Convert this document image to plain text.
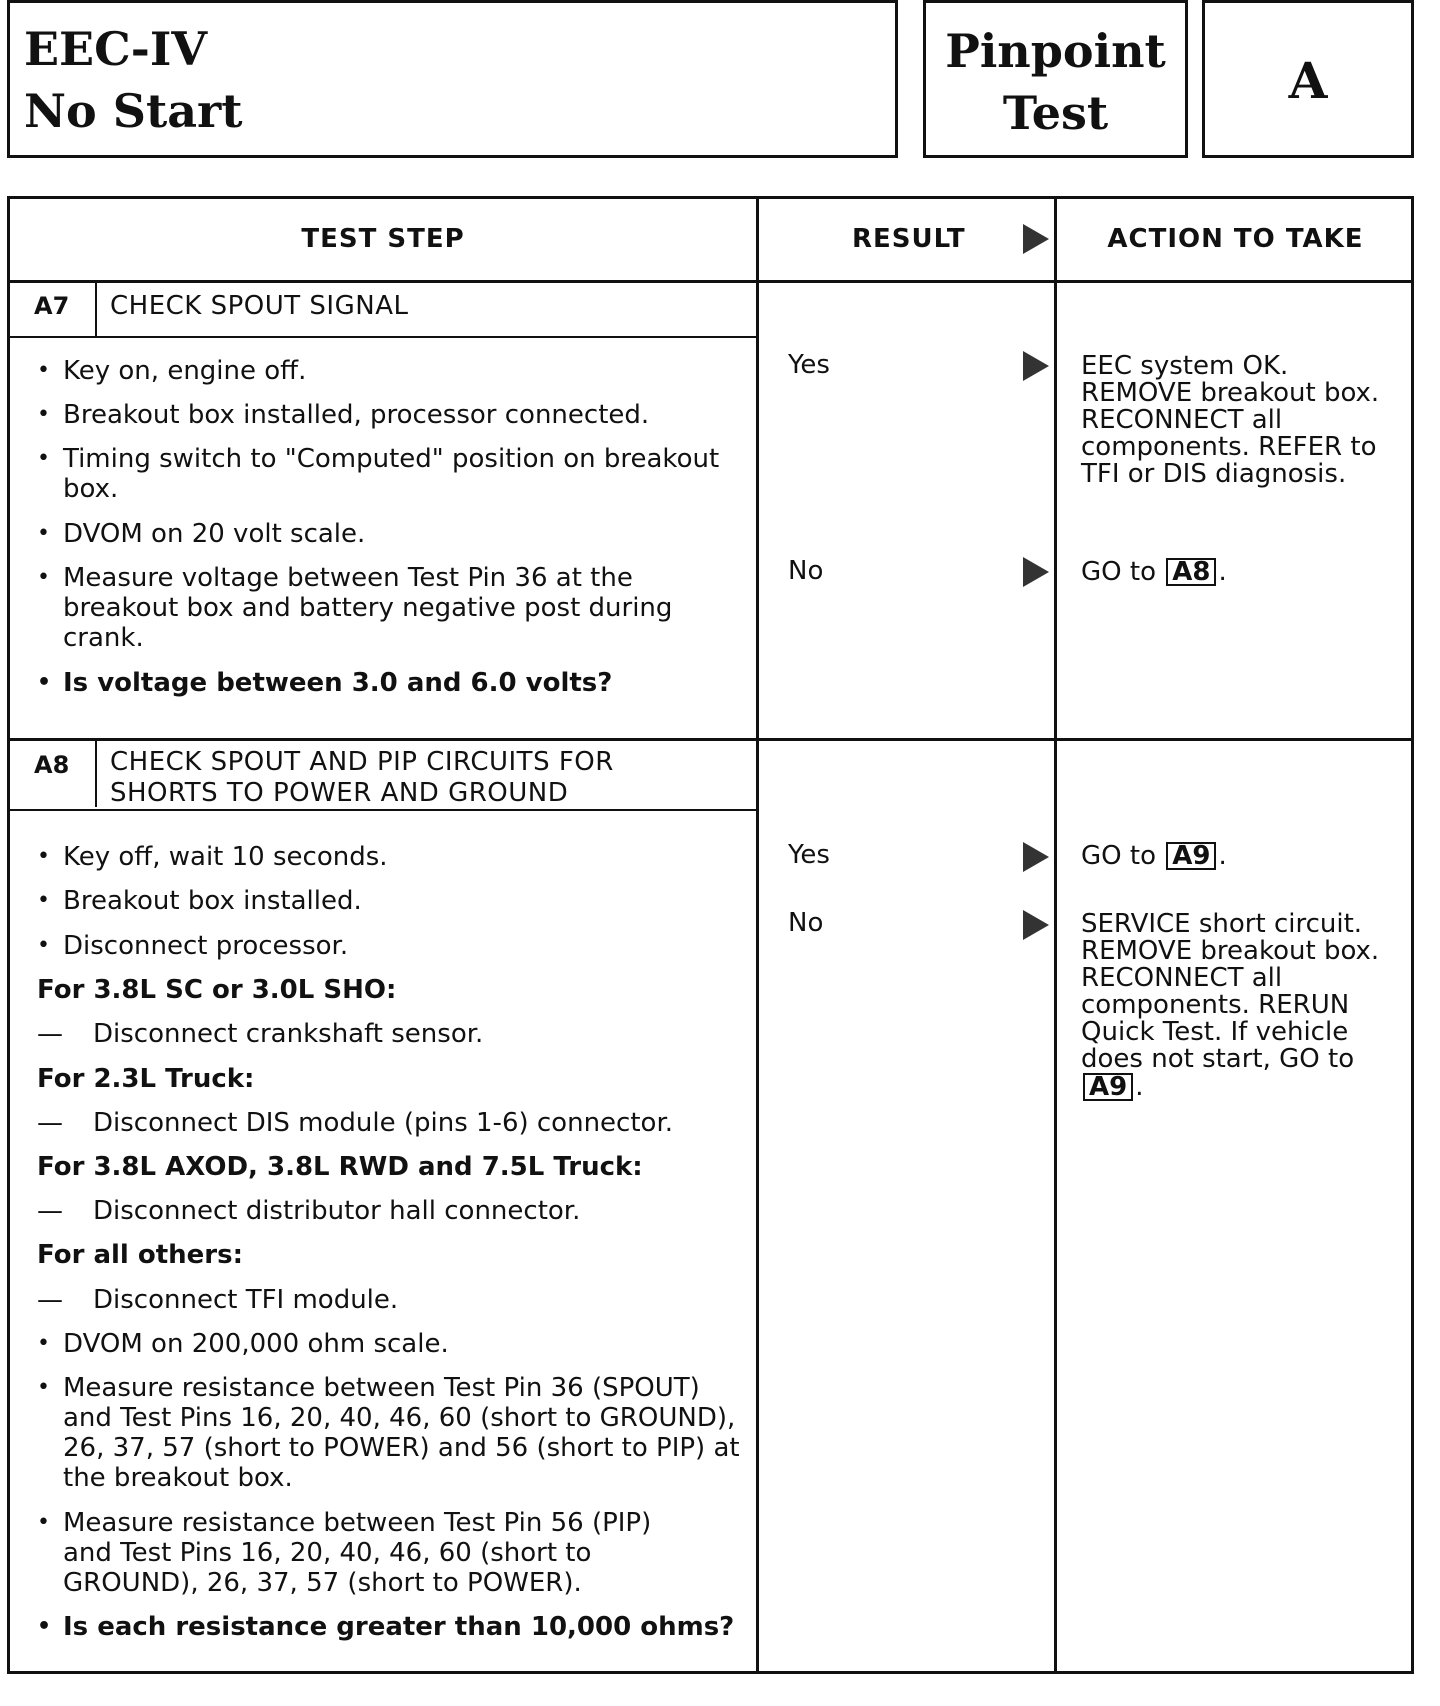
EEC-IV
No Start
Pinpoint
Test
A
TEST STEP	RESULT	ACTION TO TAKE
A7 CHECK SPOUT SIGNAL
• Key on, engine off.
• Breakout box installed, processor connected.
• Timing switch to "Computed" position on breakout box.
• DVOM on 20 volt scale.
• Measure voltage between Test Pin 36 at the breakout box and battery negative post during crank.
• Is voltage between 3.0 and 6.0 volts?
Yes	EEC system OK. REMOVE breakout box. RECONNECT all components. REFER to TFI or DIS diagnosis.
No	GO to A8 .
A8 CHECK SPOUT AND PIP CIRCUITS FOR
SHORTS TO POWER AND GROUND
• Key off, wait 10 seconds.
• Breakout box installed.
• Disconnect processor.
For 3.8L SC or 3.0L SHO:
— Disconnect crankshaft sensor.
For 2.3L Truck:
— Disconnect DIS module (pins 1-6) connector.
For 3.8L AXOD, 3.8L RWD and 7.5L Truck:
— Disconnect distributor hall connector.
For all others:
— Disconnect TFI module.
• DVOM on 200,000 ohm scale.
• Measure resistance between Test Pin 36 (SPOUT) and Test Pins 16, 20, 40, 46, 60 (short to GROUND), 26, 37, 57 (short to POWER) and 56 (short to PIP) at the breakout box.
• Measure resistance between Test Pin 56 (PIP) and Test Pins 16, 20, 40, 46, 60 (short to GROUND), 26, 37, 57 (short to POWER).
• Is each resistance greater than 10,000 ohms?
Yes	GO to A9 .
No	SERVICE short circuit. REMOVE breakout box. RECONNECT all components. RERUN Quick Test. If vehicle does not start, GO to A9 .
